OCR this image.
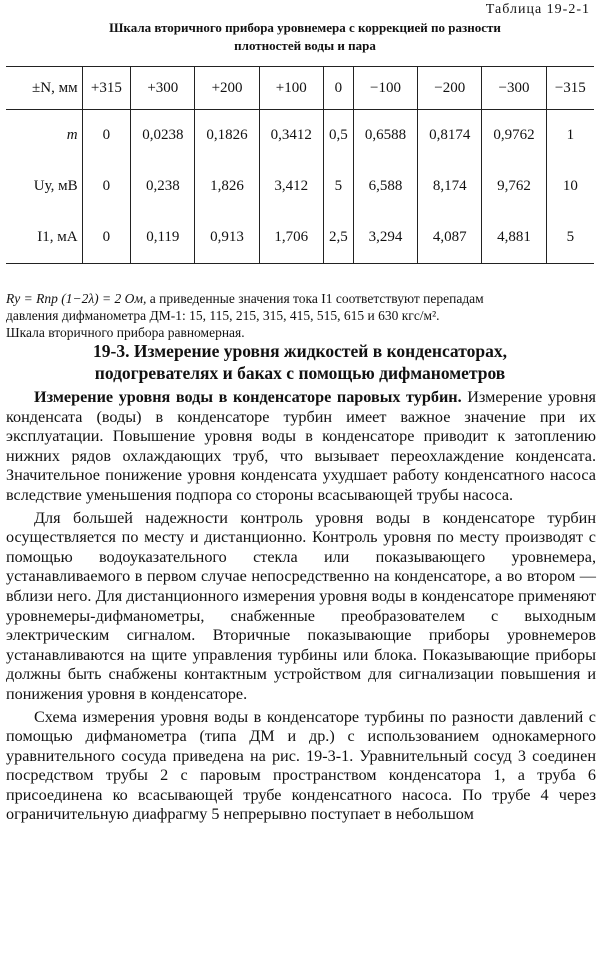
Таблица 19-2-1
Шкала вторичного прибора уровнемера с коррекцией по разности
плотностей воды и пара
±N, мм	+315	+300	+200	+100	0	−100	−200	−300	−315
m	0	0,0238	0,1826	0,3412	0,5	0,6588	0,8174	0,9762	1
Uу, мВ	0	0,238	1,826	3,412	5	6,588	8,174	9,762	10
I1, мА	0	0,119	0,913	1,706	2,5	3,294	4,087	4,881	5
Rу = Rпр (1−2λ) = 2 Ом, а приведенные значения тока I1 соответствуют перепадам
давления дифманометра ДМ-1: 15, 115, 215, 315, 415, 515, 615 и 630 кгс/м².
Шкала вторичного прибора равномерная.
19-3. Измерение уровня жидкостей в конденсаторах,
подогревателях и баках с помощью дифманометров

Измерение уровня воды в конденсаторе паровых турбин. Измерение уровня конденсата (воды) в конденсаторе турбин имеет важное значение при их эксплуатации. Повышение уровня воды в конденсаторе приводит к затоплению нижних рядов охлаждающих труб, что вызывает переохлаждение конденсата. Значительное понижение уровня конденсата ухудшает работу конденсатного насоса вследствие уменьшения подпора со стороны всасывающей трубы насоса.

Для большей надежности контроль уровня воды в конденсаторе турбин осуществляется по месту и дистанционно. Контроль уровня по месту производят с помощью водоуказательного стекла или показывающего уровнемера, устанавливаемого в первом случае непосредственно на конденсаторе, а во втором — вблизи него. Для дистанционного измерения уровня воды в конденсаторе применяют уровнемеры-дифманометры, снабженные преобразователем с выходным электрическим сигналом. Вторичные показывающие приборы уровнемеров устанавливаются на щите управления турбины или блока. Показывающие приборы должны быть снабжены контактным устройством для сигнализации повышения и понижения уровня в конденсаторе.

Схема измерения уровня воды в конденсаторе турбины по разности давлений с помощью дифманометра (типа ДМ и др.) с использованием однокамерного уравнительного сосуда приведена на рис. 19-3-1. Уравнительный сосуд 3 соединен посредством трубы 2 с паровым пространством конденсатора 1, а труба 6 присоединена ко всасывающей трубе конденсатного насоса. По трубе 4 через ограничительную диафрагму 5 непрерывно поступает в небольшом
